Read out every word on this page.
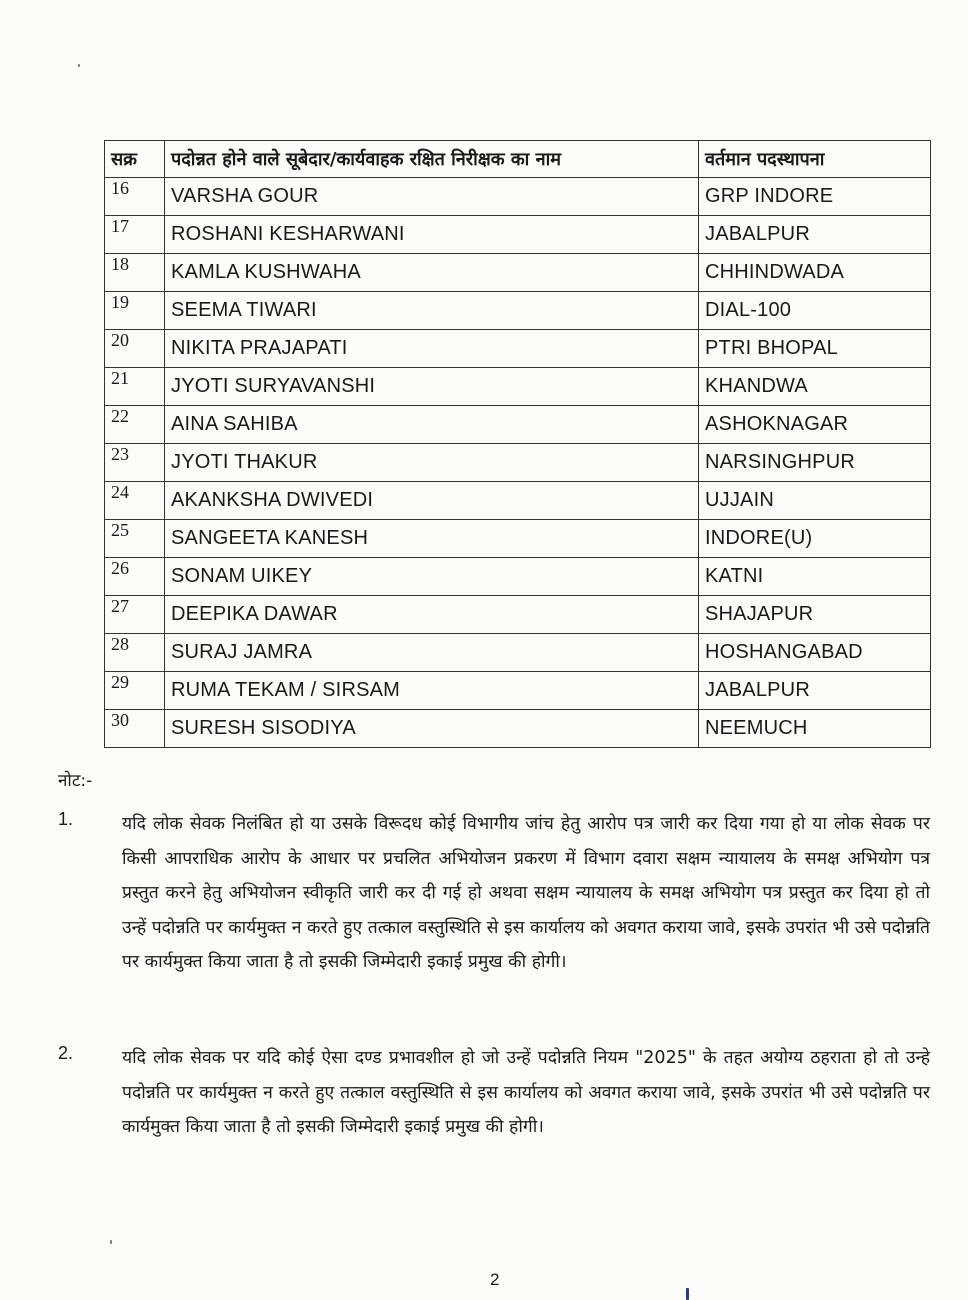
सक्र	पदोन्नत होने वाले सूबेदार/कार्यवाहक रक्षित निरीक्षक का नाम	वर्तमान पदस्थापना
16	VARSHA GOUR	GRP INDORE
17	ROSHANI KESHARWANI	JABALPUR
18	KAMLA KUSHWAHA	CHHINDWADA
19	SEEMA TIWARI	DIAL-100
20	NIKITA PRAJAPATI	PTRI BHOPAL
21	JYOTI SURYAVANSHI	KHANDWA
22	AINA SAHIBA	ASHOKNAGAR
23	JYOTI THAKUR	NARSINGHPUR
24	AKANKSHA DWIVEDI	UJJAIN
25	SANGEETA KANESH	INDORE(U)
26	SONAM UIKEY	KATNI
27	DEEPIKA DAWAR	SHAJAPUR
28	SURAJ JAMRA	HOSHANGABAD
29	RUMA TEKAM / SIRSAM	JABALPUR
30	SURESH SISODIYA	NEEMUCH
नोट:-
1.	यदि लोक सेवक निलंबित हो या उसके विरूदध कोई विभागीय जांच हेतु आरोप पत्र जारी कर दिया गया हो या लोक सेवक पर किसी आपराधिक आरोप के आधार पर प्रचलित अभियोजन प्रकरण में विभाग दवारा सक्षम न्यायालय के समक्ष अभियोग पत्र प्रस्तुत करने हेतु अभियोजन स्वीकृति जारी कर दी गई हो अथवा सक्षम न्यायालय के समक्ष अभियोग पत्र प्रस्तुत कर दिया हो तो उन्हें पदोन्नति पर कार्यमुक्त न करते हुए तत्काल वस्तुस्थिति से इस कार्यालय को अवगत कराया जावे, इसके उपरांत भी उसे पदोन्नति पर कार्यमुक्त किया जाता है तो इसकी जिम्मेदारी इकाई प्रमुख की होगी।
2.	यदि लोक सेवक पर यदि कोई ऐसा दण्ड प्रभावशील हो जो उन्हें पदोन्नति नियम "2025" के तहत अयोग्य ठहराता हो तो उन्हे पदोन्नति पर कार्यमुक्त न करते हुए तत्काल वस्तुस्थिति से इस कार्यालय को अवगत कराया जावे, इसके उपरांत भी उसे पदोन्नति पर कार्यमुक्त किया जाता है तो इसकी जिम्मेदारी इकाई प्रमुख की होगी।
2
